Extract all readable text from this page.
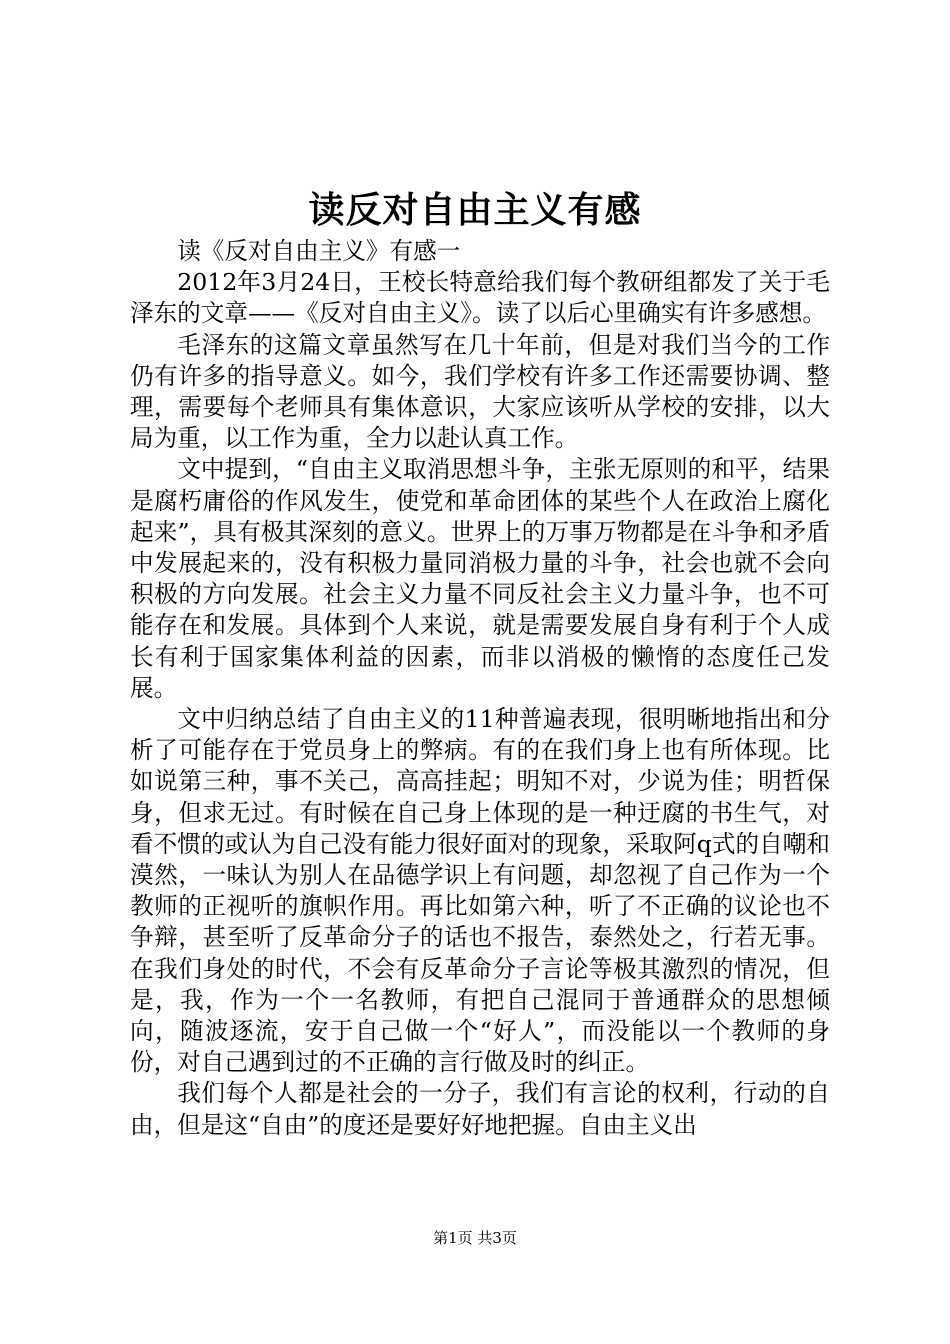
读反对自由主义有感

读《反对自由主义》有感一

2012年3月24日，王校长特意给我们每个教研组都发了关于毛泽东的文章——《反对自由主义》。读了以后心里确实有许多感想。

毛泽东的这篇文章虽然写在几十年前，但是对我们当今的工作仍有许多的指导意义。如今，我们学校有许多工作还需要协调、整理，需要每个老师具有集体意识，大家应该听从学校的安排，以大局为重，以工作为重，全力以赴认真工作。

文中提到，“自由主义取消思想斗争，主张无原则的和平，结果是腐朽庸俗的作风发生，使党和革命团体的某些个人在政治上腐化起来”，具有极其深刻的意义。世界上的万事万物都是在斗争和矛盾中发展起来的，没有积极力量同消极力量的斗争，社会也就不会向积极的方向发展。社会主义力量不同反社会主义力量斗争，也不可能存在和发展。具体到个人来说，就是需要发展自身有利于个人成长有利于国家集体利益的因素，而非以消极的懒惰的态度任己发展。

文中归纳总结了自由主义的11种普遍表现，很明晰地指出和分析了可能存在于党员身上的弊病。有的在我们身上也有所体现。比如说第三种，事不关己，高高挂起；明知不对，少说为佳；明哲保身，但求无过。有时候在自己身上体现的是一种迂腐的书生气，对看不惯的或认为自己没有能力很好面对的现象，采取阿q式的自嘲和漠然，一味认为别人在品德学识上有问题，却忽视了自己作为一个教师的正视听的旗帜作用。再比如第六种，听了不正确的议论也不争辩，甚至听了反革命分子的话也不报告，泰然处之，行若无事。在我们身处的时代，不会有反革命分子言论等极其激烈的情况，但是，我，作为一个一名教师，有把自己混同于普通群众的思想倾向，随波逐流，安于自己做一个“好人”，而没能以一个教师的身份，对自己遇到过的不正确的言行做及时的纠正。

我们每个人都是社会的一分子，我们有言论的权利，行动的自由，但是这“自由”的度还是要好好地把握。自由主义出

第1页 共3页
